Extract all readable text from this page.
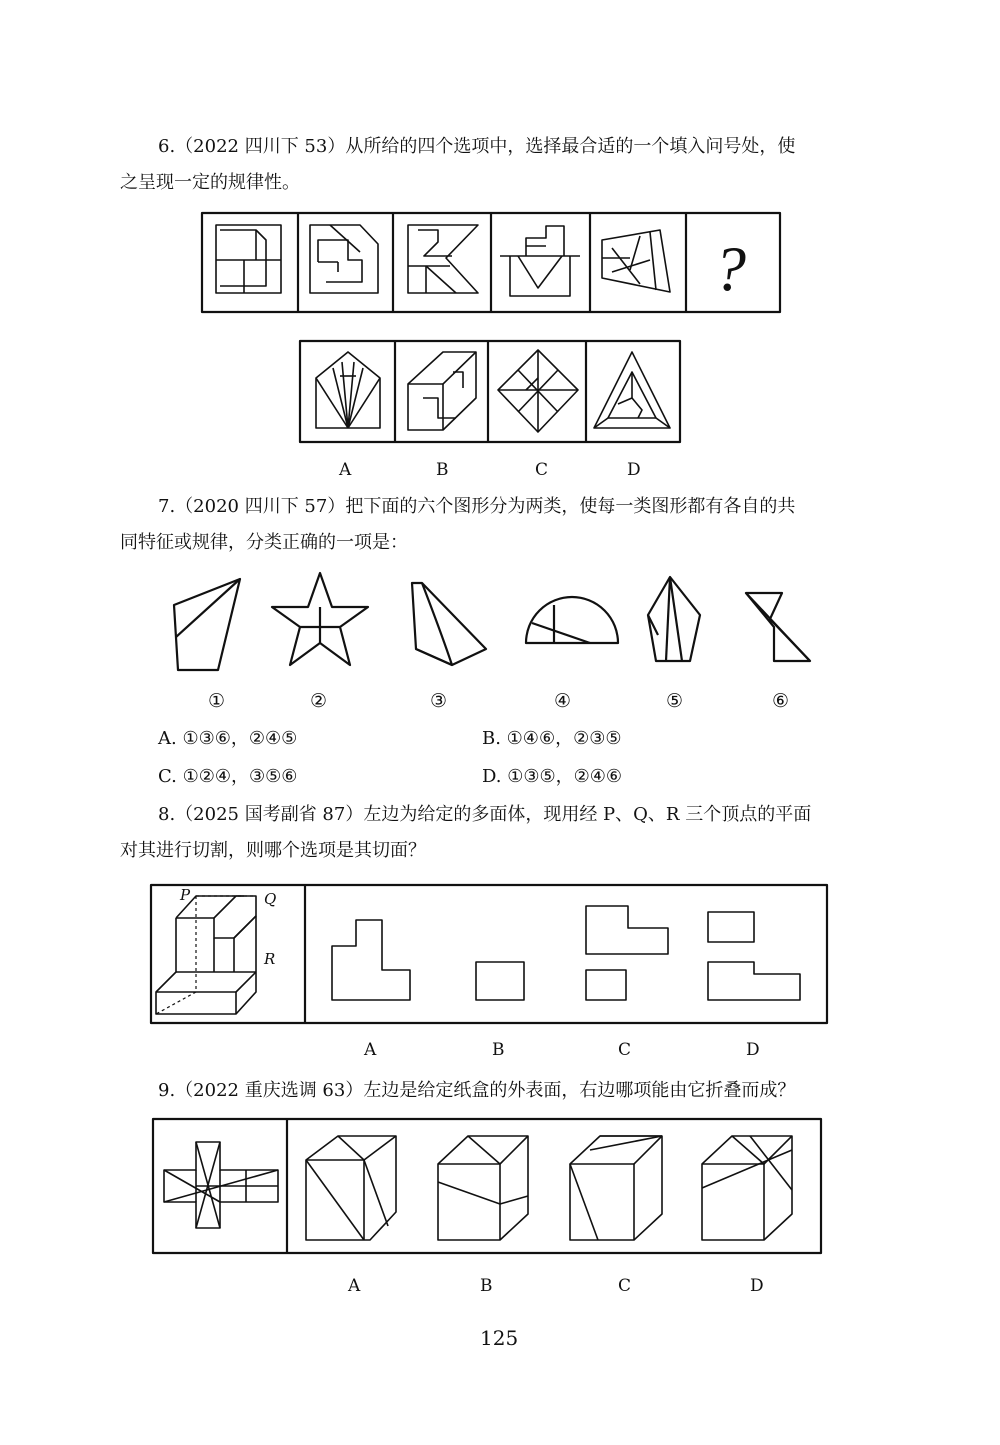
6.（2022 四川下 53）从所给的四个选项中，选择最合适的一个填入问号处，使
之呈现一定的规律性。
?
A	B	C	D
7.（2020 四川下 57）把下面的六个图形分为两类，使每一类图形都有各自的共
同特征或规律，分类正确的一项是：
①	②	③	④	⑤	⑥
A. ①③⑥，②④⑤	B. ①④⑥，②③⑤
C. ①②④，③⑤⑥	D. ①③⑤，②④⑥
8.（2025 国考副省 87）左边为给定的多面体，现用经 P、Q、R 三个顶点的平面
对其进行切割，则哪个选项是其切面？
P	Q
R
A	B	C	D
9.（2022 重庆选调 63）左边是给定纸盒的外表面，右边哪项能由它折叠而成？
A	B	C	D
125
